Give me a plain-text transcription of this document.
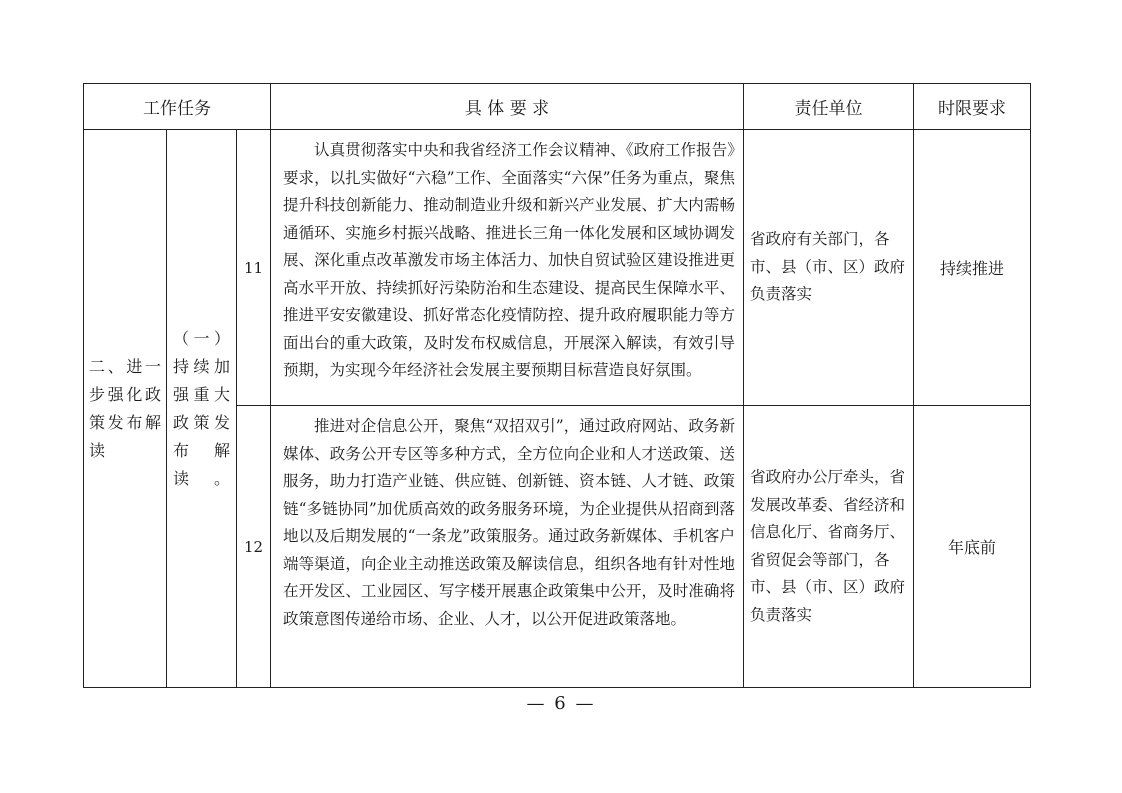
工作任务			具 体 要 求	责任单位	时限要求
二、进一步强化政策发布解读	（一）持续加强重大政策发布解读。	11	认真贯彻落实中央和我省经济工作会议精神、《政府工作报告》要求，以扎实做好“六稳”工作、全面落实“六保”任务为重点，聚焦提升科技创新能力、推动制造业升级和新兴产业发展、扩大内需畅通循环、实施乡村振兴战略、推进长三角一体化发展和区域协调发展、深化重点改革激发市场主体活力、加快自贸试验区建设推进更高水平开放、持续抓好污染防治和生态建设、提高民生保障水平、推进平安安徽建设、抓好常态化疫情防控、提升政府履职能力等方面出台的重大政策，及时发布权威信息，开展深入解读，有效引导预期，为实现今年经济社会发展主要预期目标营造良好氛围。	省政府有关部门，各市、县（市、区）政府负责落实	持续推进
		12	推进对企信息公开，聚焦“双招双引”，通过政府网站、政务新媒体、政务公开专区等多种方式，全方位向企业和人才送政策、送服务，助力打造产业链、供应链、创新链、资本链、人才链、政策链“多链协同”加优质高效的政务服务环境，为企业提供从招商到落地以及后期发展的“一条龙”政策服务。通过政务新媒体、手机客户端等渠道，向企业主动推送政策及解读信息，组织各地有针对性地在开发区、工业园区、写字楼开展惠企政策集中公开，及时准确将政策意图传递给市场、企业、人才，以公开促进政策落地。	省政府办公厅牵头，省发展改革委、省经济和信息化厅、省商务厅、省贸促会等部门，各市、县（市、区）政府负责落实	年底前
— 6 —
